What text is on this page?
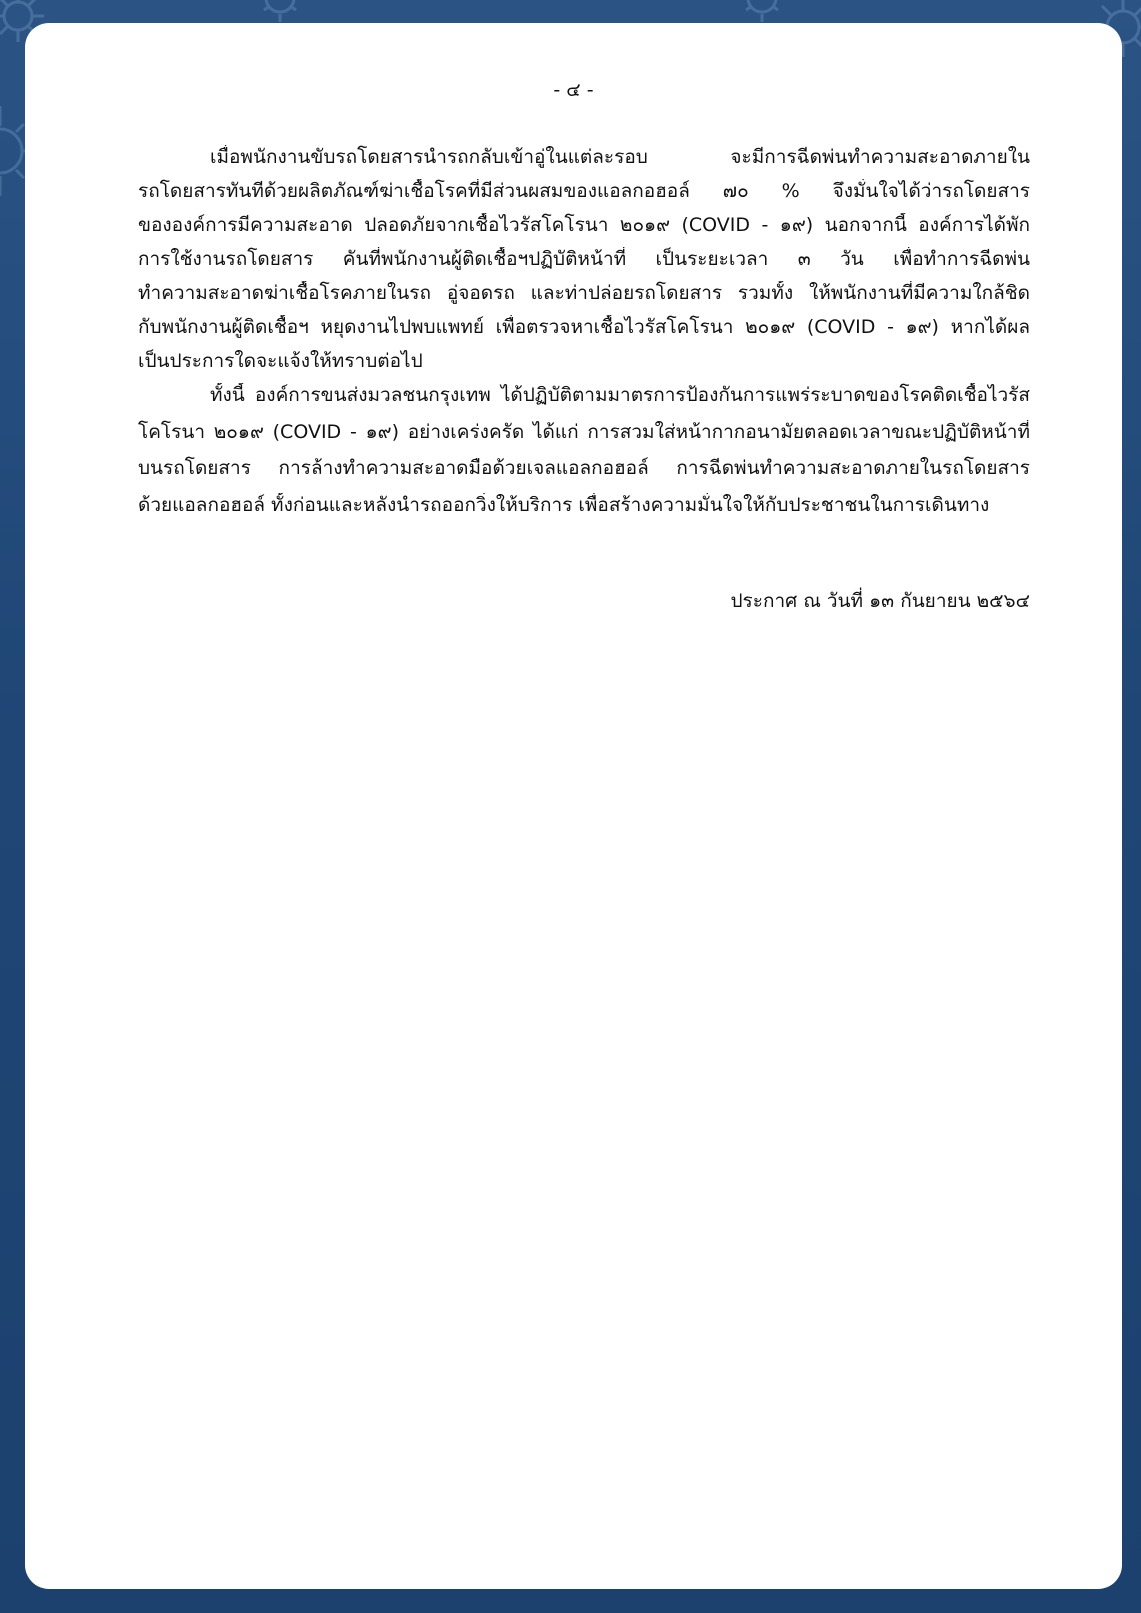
- ๔ -
เมื่อพนักงานขับรถโดยสารนำรถกลับเข้าอู่ในแต่ละรอบ จะมีการฉีดพ่นทำความสะอาดภายใน
รถโดยสารทันทีด้วยผลิตภัณฑ์ฆ่าเชื้อโรคที่มีส่วนผสมของแอลกอฮอล์ ๗๐ % จึงมั่นใจได้ว่ารถโดยสาร
ขององค์การมีความสะอาด ปลอดภัยจากเชื้อไวรัสโคโรนา ๒๐๑๙ (COVID - ๑๙) นอกจากนี้ องค์การได้พัก
การใช้งานรถโดยสาร คันที่พนักงานผู้ติดเชื้อฯปฏิบัติหน้าที่ เป็นระยะเวลา ๓ วัน เพื่อทำการฉีดพ่น
ทำความสะอาดฆ่าเชื้อโรคภายในรถ อู่จอดรถ และท่าปล่อยรถโดยสาร รวมทั้ง ให้พนักงานที่มีความใกล้ชิด
กับพนักงานผู้ติดเชื้อฯ หยุดงานไปพบแพทย์ เพื่อตรวจหาเชื้อไวรัสโคโรนา ๒๐๑๙ (COVID - ๑๙) หากได้ผล
เป็นประการใดจะแจ้งให้ทราบต่อไป
ทั้งนี้ องค์การขนส่งมวลชนกรุงเทพ ได้ปฏิบัติตามมาตรการป้องกันการแพร่ระบาดของโรคติดเชื้อไวรัส
โคโรนา ๒๐๑๙ (COVID - ๑๙) อย่างเคร่งครัด ได้แก่ การสวมใส่หน้ากากอนามัยตลอดเวลาขณะปฏิบัติหน้าที่
บนรถโดยสาร การล้างทำความสะอาดมือด้วยเจลแอลกอฮอล์ การฉีดพ่นทำความสะอาดภายในรถโดยสาร
ด้วยแอลกอฮอล์ ทั้งก่อนและหลังนำรถออกวิ่งให้บริการ เพื่อสร้างความมั่นใจให้กับประชาชนในการเดินทาง
ประกาศ ณ วันที่ ๑๓ กันยายน ๒๕๖๔
